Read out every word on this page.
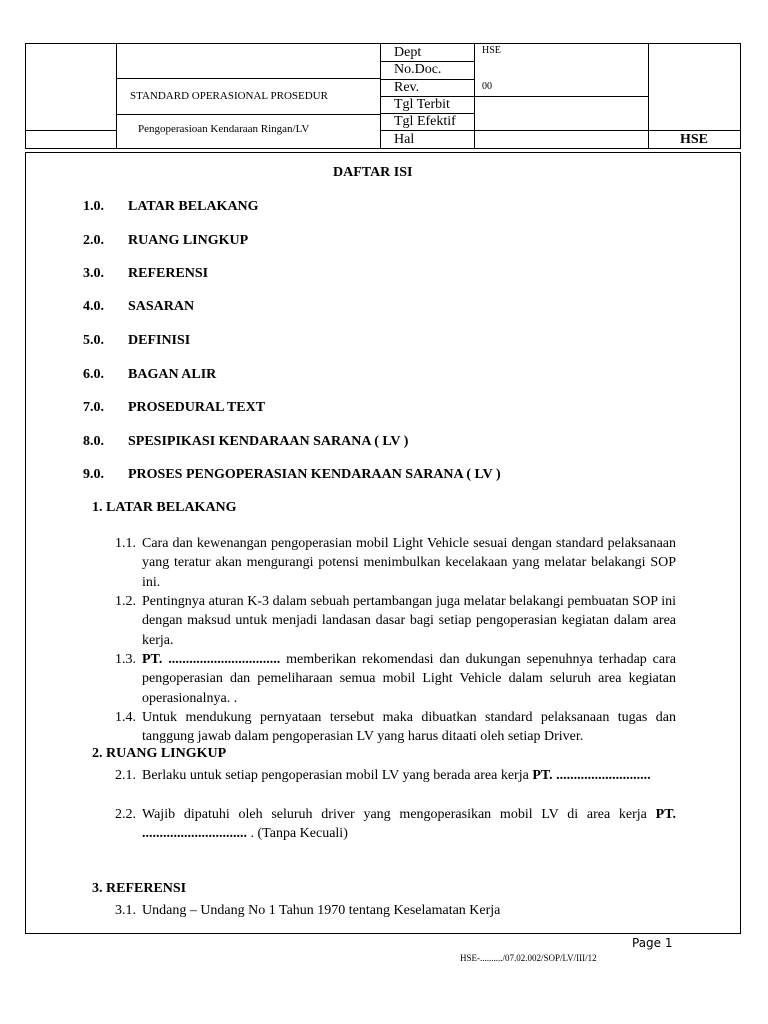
STANDARD OPERASIONAL PROSEDUR
Pengoperasioan Kendaraan Ringan/LV
Dept
No.Doc.
Rev.
Tgl Terbit
Tgl Efektif
Hal
HSE
00
HSE
DAFTAR ISI
1.0. LATAR BELAKANG
2.0. RUANG LINGKUP
3.0. REFERENSI
4.0. SASARAN
5.0. DEFINISI
6.0. BAGAN ALIR
7.0. PROSEDURAL TEXT
8.0. SPESIPIKASI KENDARAAN SARANA ( LV )
9.0. PROSES PENGOPERASIAN KENDARAAN SARANA ( LV )
1. LATAR BELAKANG
1.1. Cara dan kewenangan pengoperasian mobil Light Vehicle sesuai dengan standard pelaksanaan yang teratur akan mengurangi potensi menimbulkan kecelakaan yang melatar belakangi SOP ini.
1.2. Pentingnya aturan K-3 dalam sebuah pertambangan juga melatar belakangi pembuatan SOP ini dengan maksud untuk menjadi landasan dasar bagi setiap pengoperasian kegiatan dalam area kerja.
1.3. PT. ................................ memberikan rekomendasi dan dukungan sepenuhnya terhadap cara pengoperasian dan pemeliharaan semua mobil Light Vehicle dalam seluruh area kegiatan operasionalnya. .
1.4. Untuk mendukung pernyataan tersebut maka dibuatkan standard pelaksanaan tugas dan tanggung jawab dalam pengoperasian LV yang harus ditaati oleh setiap Driver.
2. RUANG LINGKUP
2.1. Berlaku untuk setiap pengoperasian mobil LV yang berada area kerja PT. ...........................
2.2. Wajib dipatuhi oleh seluruh driver yang mengoperasikan mobil LV di area kerja PT. .............................. . (Tanpa Kecuali)
3. REFERENSI
3.1. Undang – Undang No 1 Tahun 1970 tentang Keselamatan Kerja
Page 1
HSE-........../07.02.002/SOP/LV/III/12
